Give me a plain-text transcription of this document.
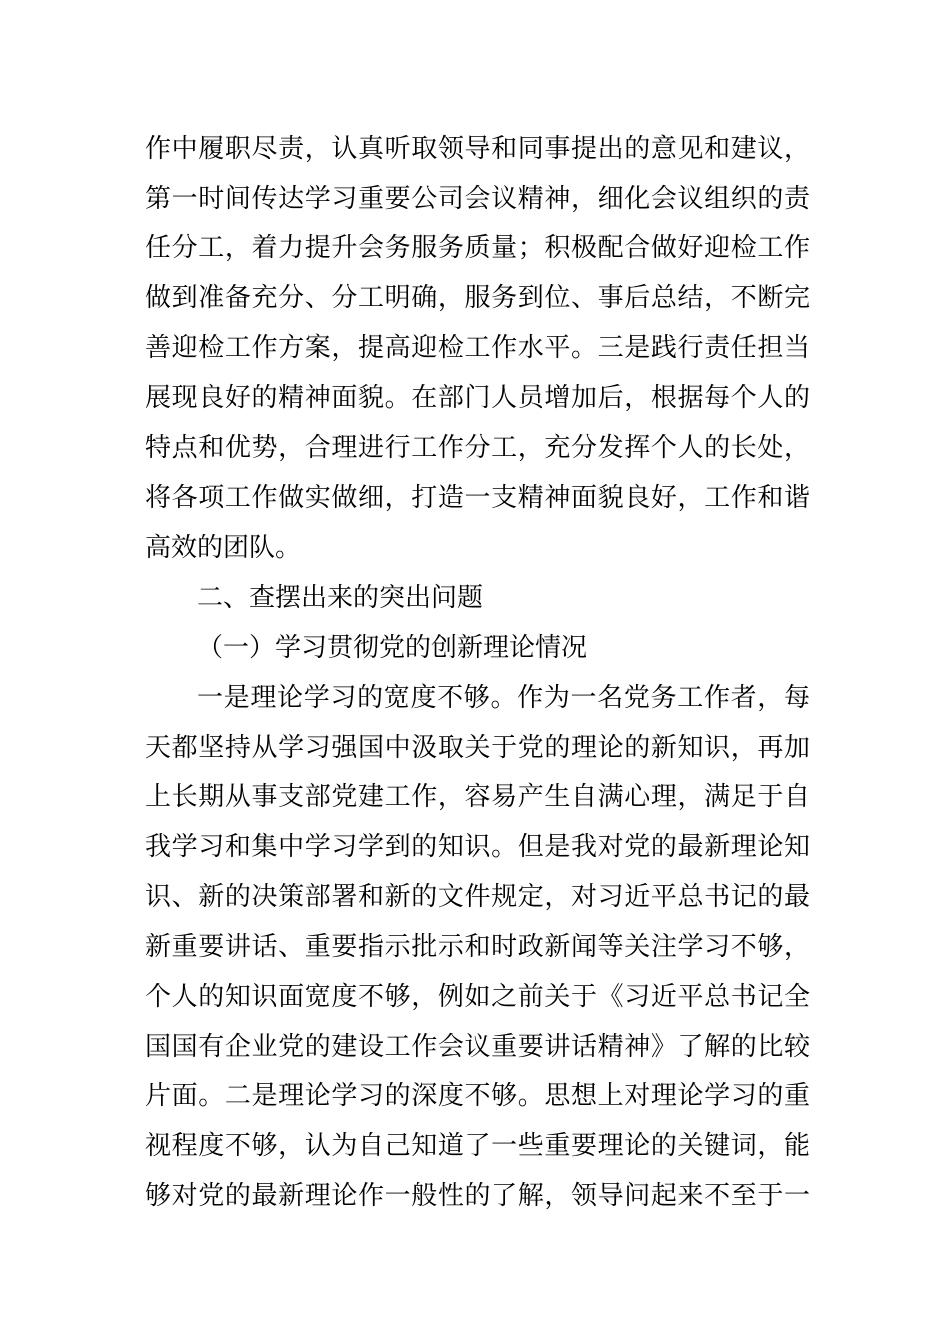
作中履职尽责，认真听取领导和同事提出的意见和建议，
第一时间传达学习重要公司会议精神，细化会议组织的责
任分工，着力提升会务服务质量；积极配合做好迎检工作
做到准备充分、分工明确，服务到位、事后总结，不断完
善迎检工作方案，提高迎检工作水平。三是践行责任担当
展现良好的精神面貌。在部门人员增加后，根据每个人的
特点和优势，合理进行工作分工，充分发挥个人的长处，
将各项工作做实做细，打造一支精神面貌良好，工作和谐
高效的团队。
二、查摆出来的突出问题
（一）学习贯彻党的创新理论情况
一是理论学习的宽度不够。作为一名党务工作者，每
天都坚持从学习强国中汲取关于党的理论的新知识，再加
上长期从事支部党建工作，容易产生自满心理，满足于自
我学习和集中学习学到的知识。但是我对党的最新理论知
识、新的决策部署和新的文件规定，对习近平总书记的最
新重要讲话、重要指示批示和时政新闻等关注学习不够，
个人的知识面宽度不够，例如之前关于《习近平总书记全
国国有企业党的建设工作会议重要讲话精神》了解的比较
片面。二是理论学习的深度不够。思想上对理论学习的重
视程度不够，认为自己知道了一些重要理论的关键词，能
够对党的最新理论作一般性的了解，领导问起来不至于一
